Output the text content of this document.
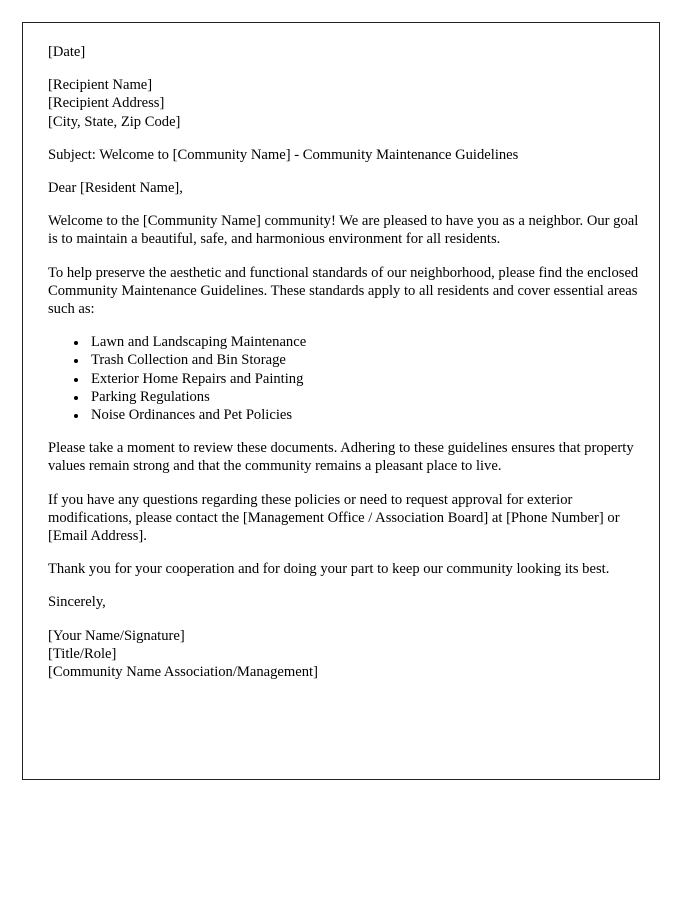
[Date]
[Recipient Name]
[Recipient Address]
[City, State, Zip Code]
Subject: Welcome to [Community Name] - Community Maintenance Guidelines
Dear [Resident Name],
Welcome to the [Community Name] community! We are pleased to have you as a neighbor. Our goal is to maintain a beautiful, safe, and harmonious environment for all residents.
To help preserve the aesthetic and functional standards of our neighborhood, please find the enclosed Community Maintenance Guidelines. These standards apply to all residents and cover essential areas such as:
• Lawn and Landscaping Maintenance
• Trash Collection and Bin Storage
• Exterior Home Repairs and Painting
• Parking Regulations
• Noise Ordinances and Pet Policies
Please take a moment to review these documents. Adhering to these guidelines ensures that property values remain strong and that the community remains a pleasant place to live.
If you have any questions regarding these policies or need to request approval for exterior modifications, please contact the [Management Office / Association Board] at [Phone Number] or [Email Address].
Thank you for your cooperation and for doing your part to keep our community looking its best.
Sincerely,
[Your Name/Signature]
[Title/Role]
[Community Name Association/Management]
